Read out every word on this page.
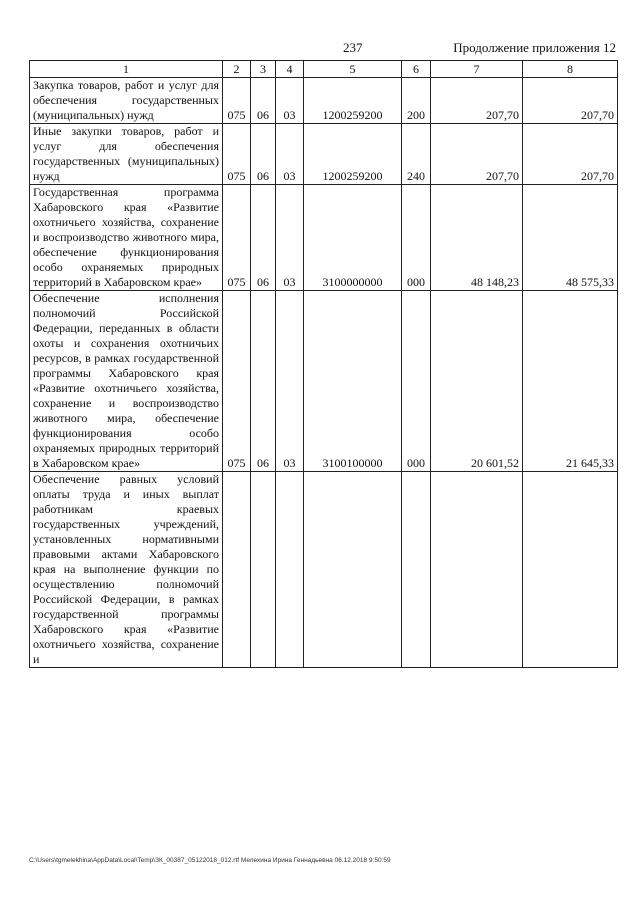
237	Продолжение приложения 12
1	2	3	4	5	6	7	8
Закупка товаров, работ и услуг для обеспечения государственных (муниципальных) нужд	075	06	03	1200259200	200	207,70	207,70
Иные закупки товаров, работ и услуг для обеспечения государственных (муниципальных) нужд	075	06	03	1200259200	240	207,70	207,70
Государственная программа Хабаровского края «Развитие охотничьего хозяйства, сохранение и воспроизводство животного мира, обеспечение функционирования особо охраняемых природных территорий в Хабаровском крае»	075	06	03	3100000000	000	48 148,23	48 575,33
Обеспечение исполнения полномочий Российской Федерации, переданных в области охоты и сохранения охотничьих ресурсов, в рамках государственной программы Хабаровского края «Развитие охотничьего хозяйства, сохранение и воспроизводство животного мира, обеспечение функционирования особо охраняемых природных территорий в Хабаровском крае»	075	06	03	3100100000	000	20 601,52	21 645,33
Обеспечение равных условий оплаты труда и иных выплат работникам краевых государственных учреждений, установленных нормативными правовыми актами Хабаровского края на выполнение функции по осуществлению полномочий Российской Федерации, в рамках государственной программы Хабаровского края «Развитие охотничьего хозяйства, сохранение и							
C:\Users\tgmelekhina\AppData\Local\Temp\ЗК_00387_05122018_012.rtf Мелехина Ирина Геннадьевна 06.12.2018 9:50:59
